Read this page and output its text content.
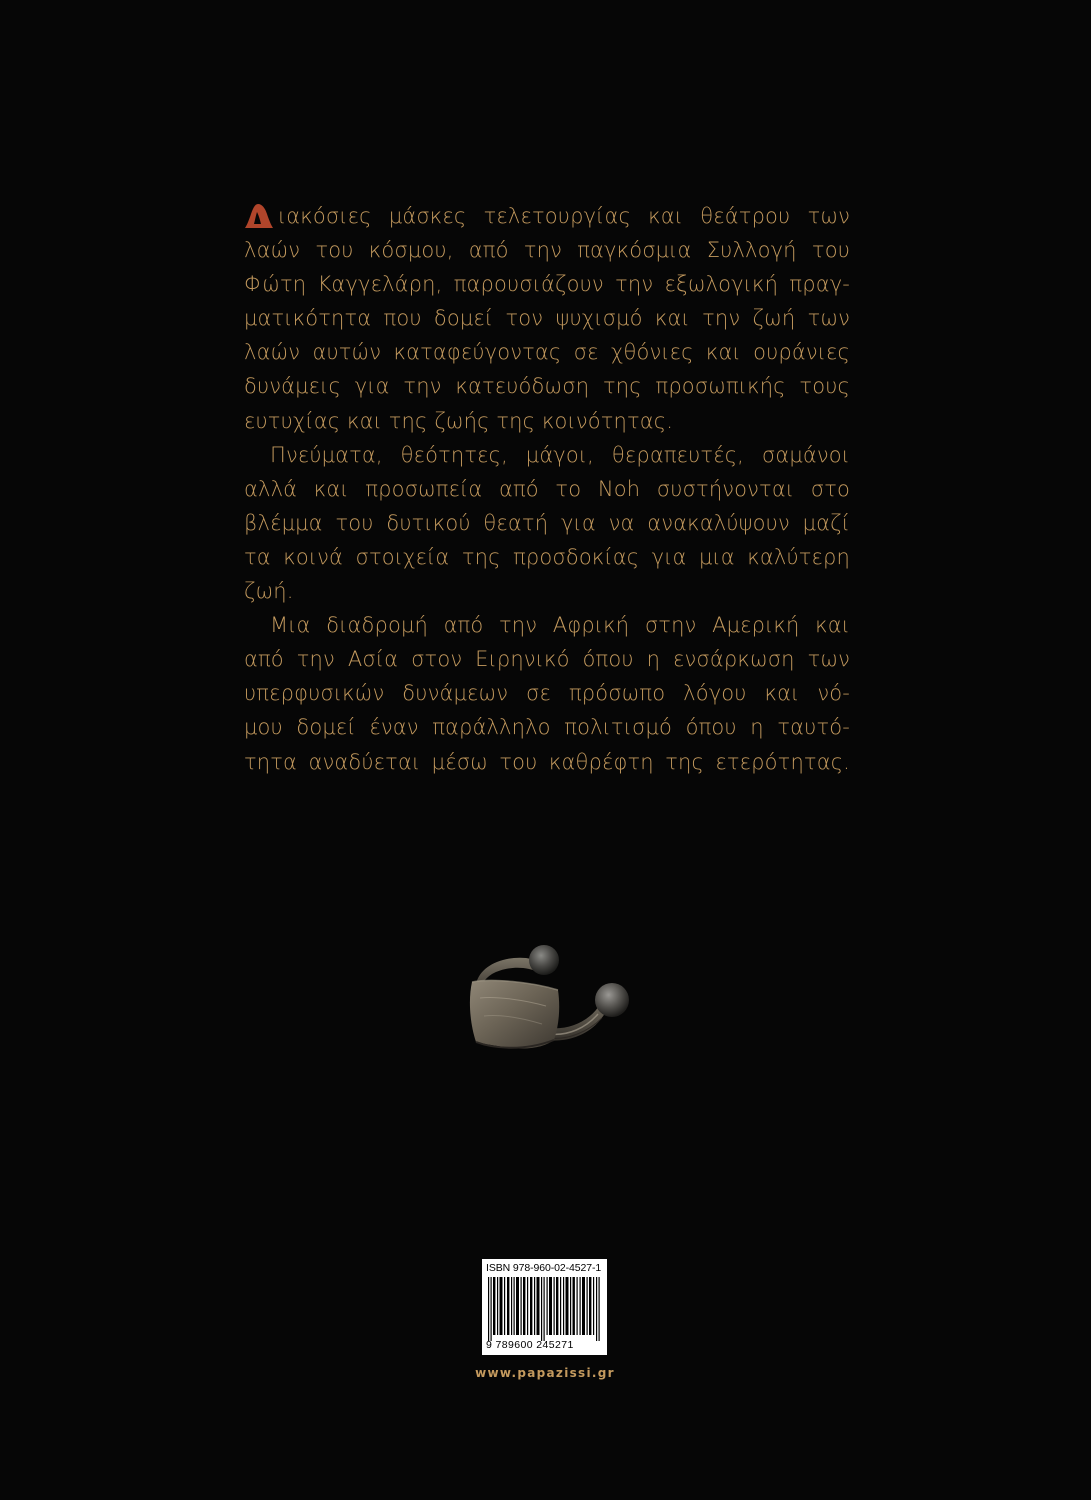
ιακόσιες μάσκες τελετουργίας και θεάτρου των
λαών του κόσμου, από την παγκόσμια Συλλογή του
Φώτη Καγγελάρη, παρουσιάζουν την εξωλογική πραγ-
ματικότητα που δομεί τον ψυχισμό και την ζωή των
λαών αυτών καταφεύγοντας σε χθόνιες και ουράνιες
δυνάμεις για την κατευόδωση της προσωπικής τους
ευτυχίας και της ζωής της κοινότητας.
Πνεύματα, θεότητες, μάγοι, θεραπευτές, σαμάνοι
αλλά και προσωπεία από το Noh συστήνονται στο
βλέμμα του δυτικού θεατή για να ανακαλύψουν μαζί
τα κοινά στοιχεία της προσδοκίας για μια καλύτερη
ζωή.
Μια διαδρομή από την Αφρική στην Αμερική και
από την Ασία στον Ειρηνικό όπου η ενσάρκωση των
υπερφυσικών δυνάμεων σε πρόσωπο λόγου και νό-
μου δομεί έναν παράλληλο πολιτισμό όπου η ταυτό-
τητα αναδύεται μέσω του καθρέφτη της ετερότητας.
ISBN 978-960-02-4527-1
9 789600 245271
www.papazissi.gr
